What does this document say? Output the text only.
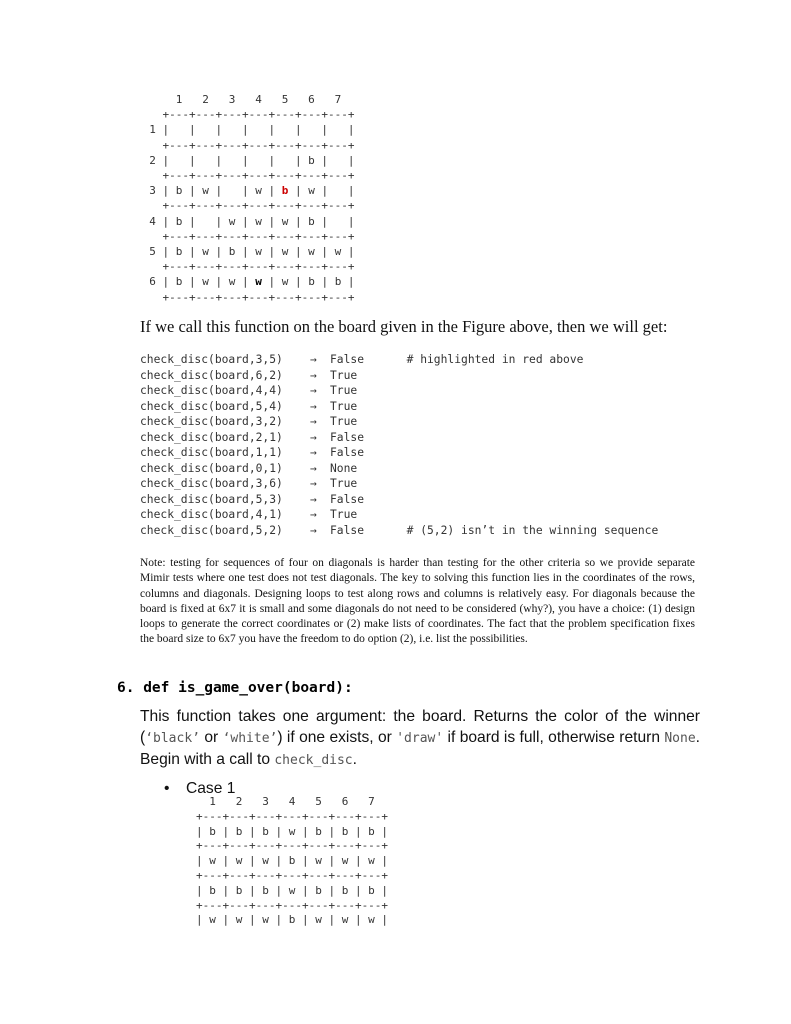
1   2   3   4   5   6   7
+---+---+---+---+---+---+---+
1 |   |   |   |   |   |   |   |
+---+---+---+---+---+---+---+
2 |   |   |   |   |   | b |   |
+---+---+---+---+---+---+---+
3 | b | w |   | w | b | w |   |
+---+---+---+---+---+---+---+
4 | b |   | w | w | w | b |   |
+---+---+---+---+---+---+---+
5 | b | w | b | w | w | w | w |
+---+---+---+---+---+---+---+
6 | b | w | w | w | w | b | b |
+---+---+---+---+---+---+---+
If we call this function on the board given in the Figure above, then we will get:
check_disc(board,3,5) → False	# highlighted in red above
check_disc(board,6,2) → True
check_disc(board,4,4) → True
check_disc(board,5,4) → True
check_disc(board,3,2) → True
check_disc(board,2,1) → False
check_disc(board,1,1) → False
check_disc(board,0,1) → None
check_disc(board,3,6) → True
check_disc(board,5,3) → False
check_disc(board,4,1) → True
check_disc(board,5,2) → False	# (5,2) isn’t in the winning sequence
Note: testing for sequences of four on diagonals is harder than testing for the other criteria so we provide separate Mimir tests where one test does not test diagonals. The key to solving this function lies in the coordinates of the rows, columns and diagonals. Designing loops to test along rows and columns is relatively easy. For diagonals because the board is fixed at 6x7 it is small and some diagonals do not need to be considered (why?), you have a choice: (1) design loops to generate the correct coordinates or (2) make lists of coordinates. The fact that the problem specification fixes the board size to 6x7 you have the freedom to do option (2), i.e. list the possibilities.
6. def is_game_over(board):
This function takes one argument: the board. Returns the color of the winner (‘black’ or ‘white’) if one exists, or 'draw' if board is full, otherwise return None. Begin with a call to check_disc.
• Case 1
1   2   3   4   5   6   7
+---+---+---+---+---+---+---+
| b | b | b | w | b | b | b |
+---+---+---+---+---+---+---+
| w | w | w | b | w | w | w |
+---+---+---+---+---+---+---+
| b | b | b | w | b | b | b |
+---+---+---+---+---+---+---+
| w | w | w | b | w | w | w |
